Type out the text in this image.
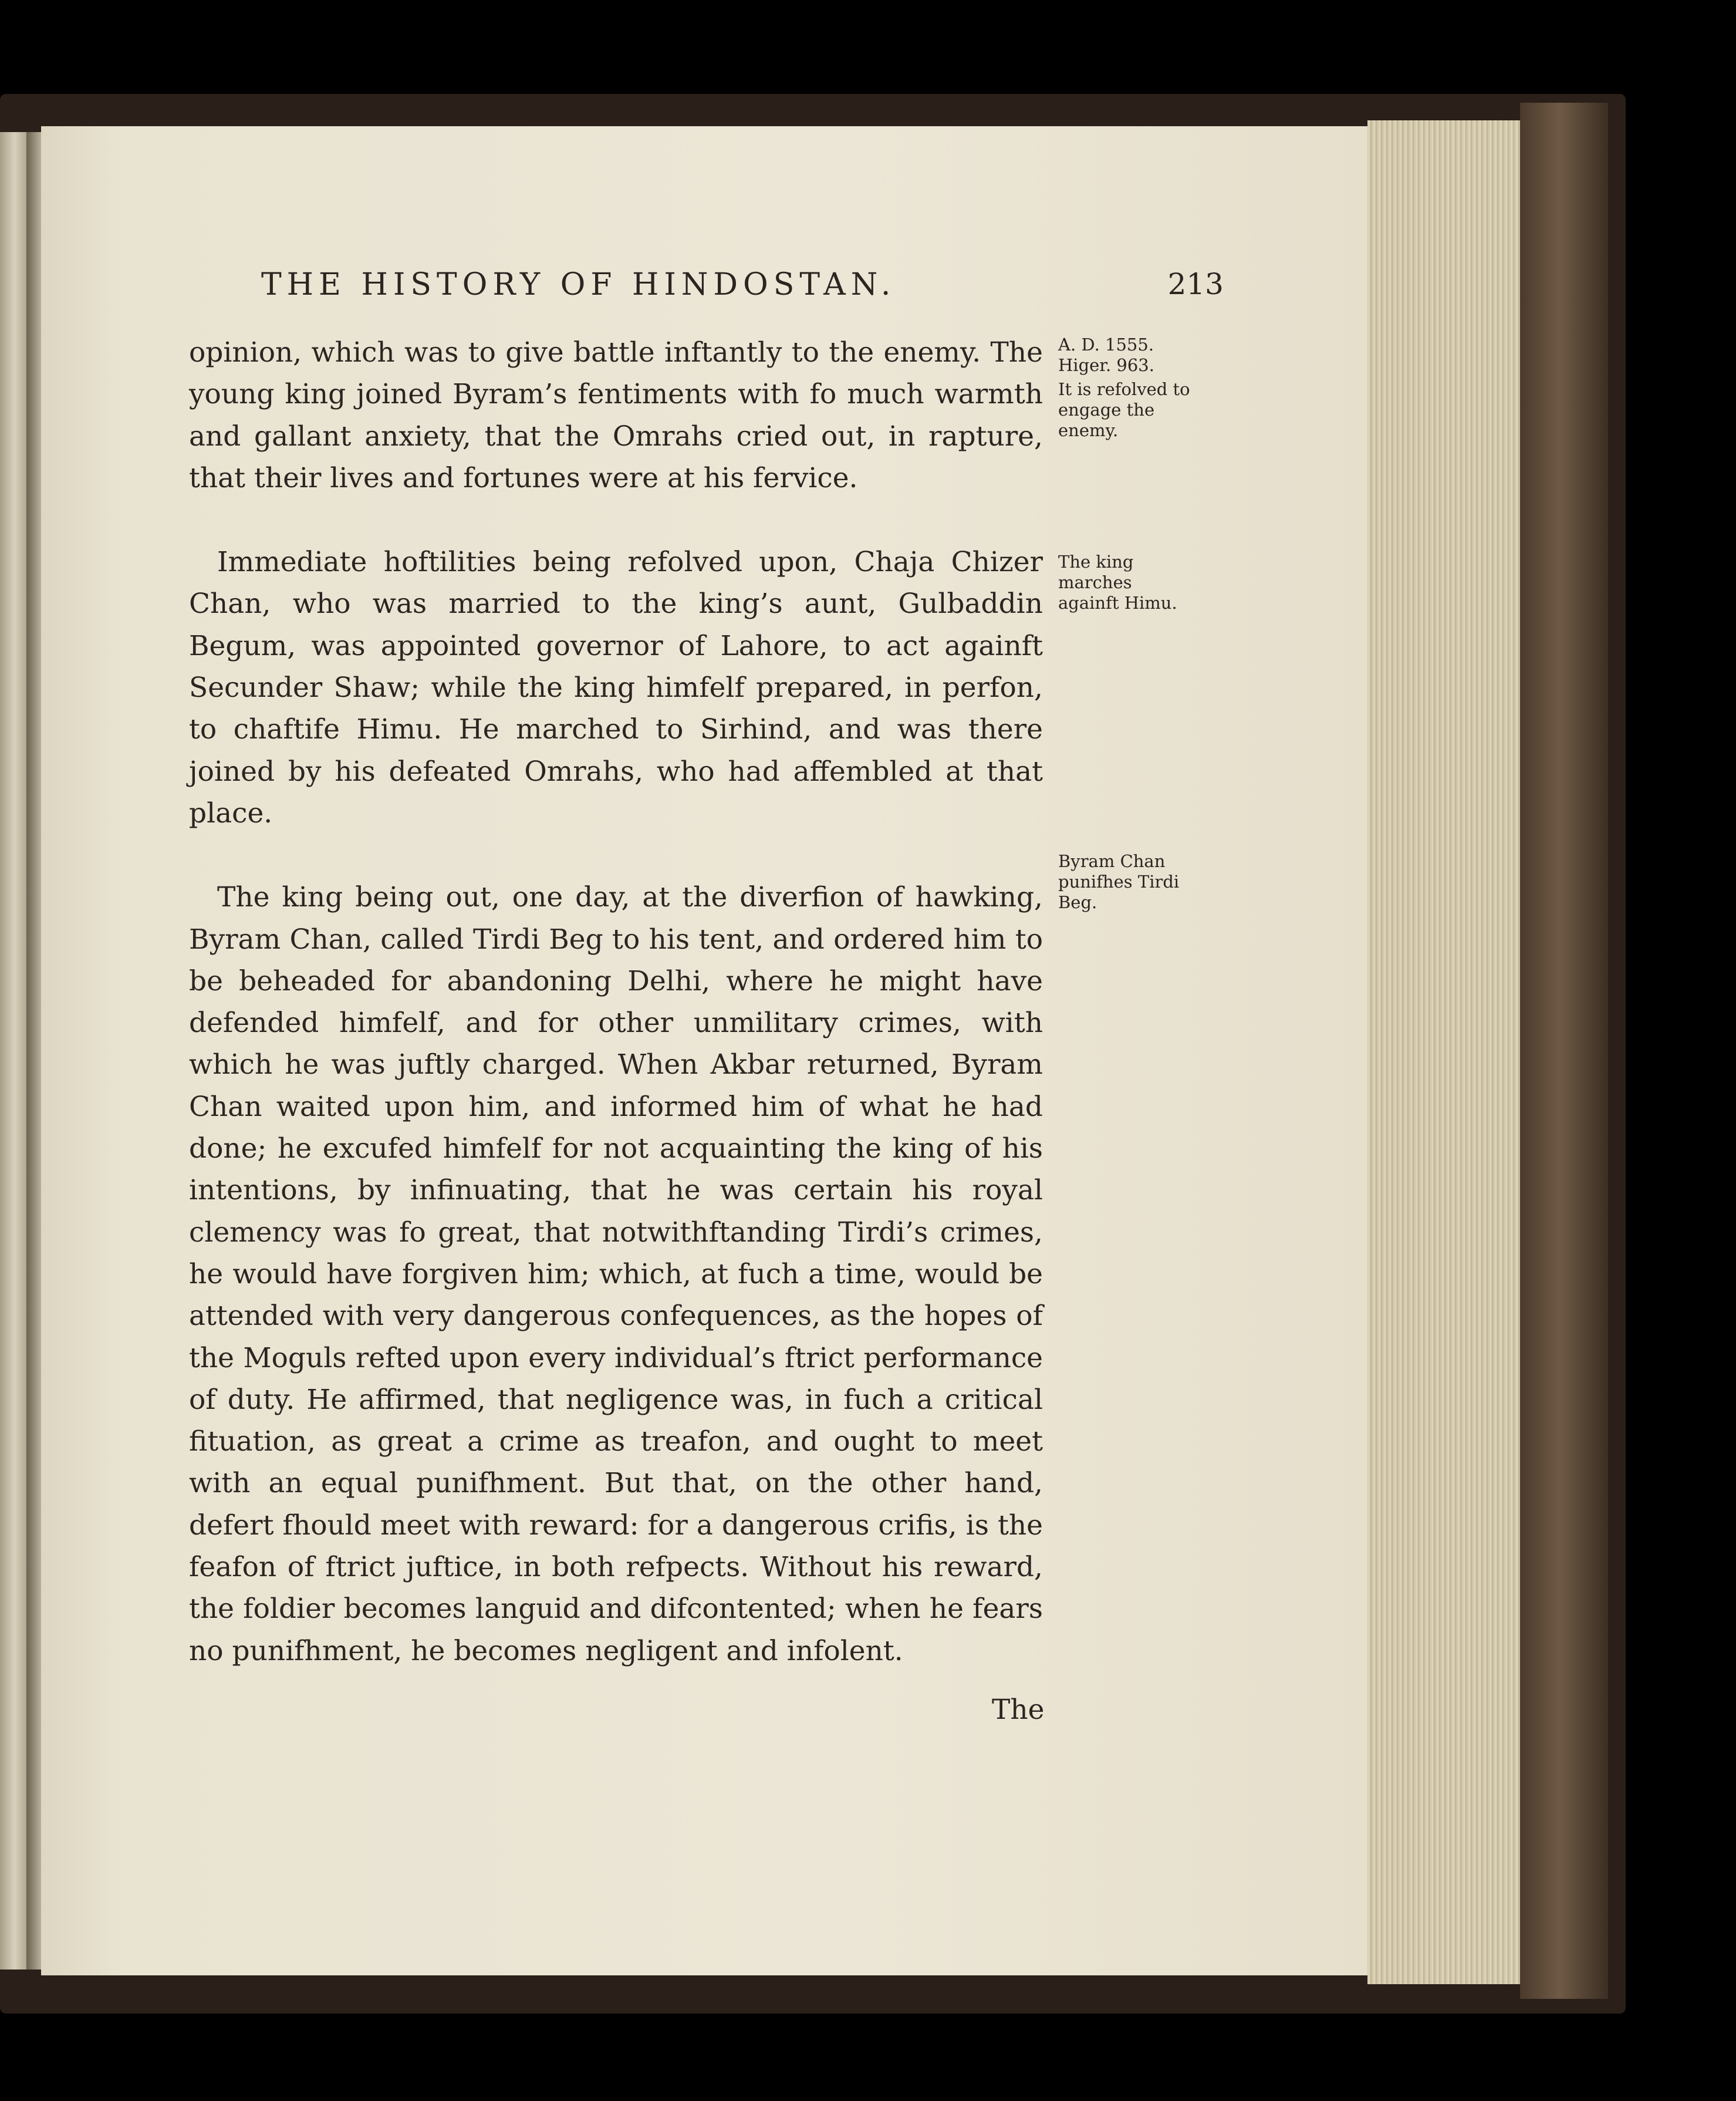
THE HISTORY OF HINDOSTAN.	213

opinion, which was to give battle inftantly to the enemy. The young king joined Byram’s fentiments with fo much warmth and gallant anxiety, that the Omrahs cried out, in rapture, that their lives and fortunes were at his fervice.

Immediate hoftilities being refolved upon, Chaja Chizer Chan, who was married to the king’s aunt, Gulbaddin Begum, was appointed governor of Lahore, to act againft Secunder Shaw; while the king himfelf prepared, in perfon, to chaftife Himu. He marched to Sirhind, and was there joined by his defeated Omrahs, who had affembled at that place.

The king being out, one day, at the diverfion of hawking, Byram Chan, called Tirdi Beg to his tent, and ordered him to be beheaded for abandoning Delhi, where he might have defended himfelf, and for other unmilitary crimes, with which he was juftly charged. When Akbar returned, Byram Chan waited upon him, and informed him of what he had done; he excufed himfelf for not acquainting the king of his intentions, by infinuating, that he was certain his royal clemency was fo great, that notwithftanding Tirdi’s crimes, he would have forgiven him; which, at fuch a time, would be attended with very dangerous confequences, as the hopes of the Moguls refted upon every individual’s ftrict performance of duty. He affirmed, that negligence was, in fuch a critical fituation, as great a crime as treafon, and ought to meet with an equal punifhment. But that, on the other hand, defert fhould meet with reward: for a dangerous crifis, is the feafon of ftrict juftice, in both refpects. Without his reward, the foldier becomes languid and difcontented; when he fears no punifhment, he becomes negligent and infolent.

A. D. 1555.
Higer. 963.
It is refolved to engage the enemy.
The king marches againft Himu.
Byram Chan punifhes Tirdi Beg.
The
